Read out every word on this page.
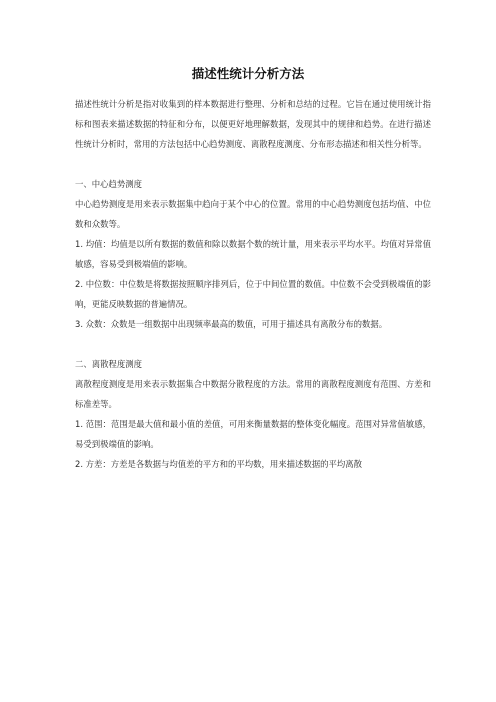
描述性统计分析方法

描述性统计分析是指对收集到的样本数据进行整理、分析和总结的过程。它旨在通过使用统计指标和图表来描述数据的特征和分布，以便更好地理解数据，发现其中的规律和趋势。在进行描述性统计分析时，常用的方法包括中心趋势测度、离散程度测度、分布形态描述和相关性分析等。

一、中心趋势测度

中心趋势测度是用来表示数据集中趋向于某个中心的位置。常用的中心趋势测度包括均值、中位数和众数等。

1. 均值：均值是以所有数据的数值和除以数据个数的统计量，用来表示平均水平。均值对异常值敏感，容易受到极端值的影响。

2. 中位数：中位数是将数据按照顺序排列后，位于中间位置的数值。中位数不会受到极端值的影响，更能反映数据的普遍情况。

3. 众数：众数是一组数据中出现频率最高的数值，可用于描述具有离散分布的数据。

二、离散程度测度

离散程度测度是用来表示数据集合中数据分散程度的方法。常用的离散程度测度有范围、方差和标准差等。

1. 范围：范围是最大值和最小值的差值，可用来衡量数据的整体变化幅度。范围对异常值敏感，易受到极端值的影响。

2. 方差：方差是各数据与均值差的平方和的平均数，用来描述数据的平均离散
